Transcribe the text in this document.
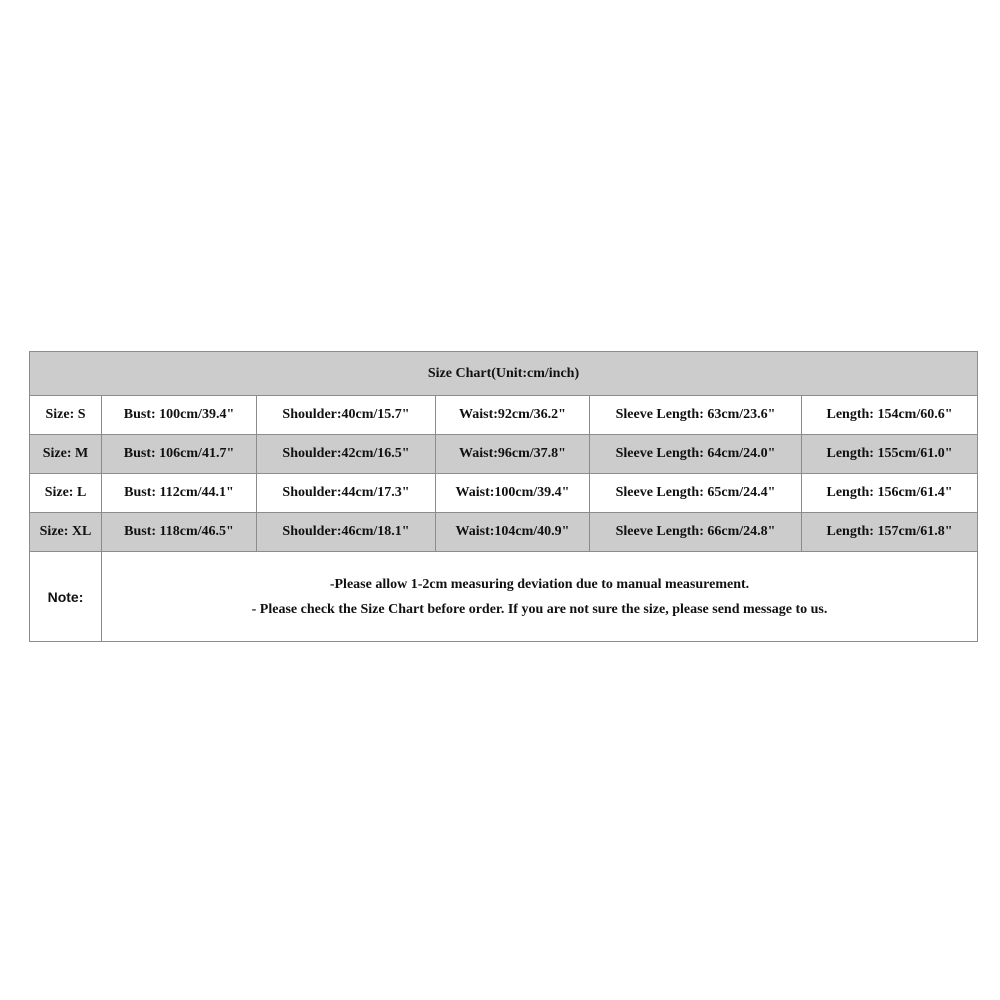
Size Chart(Unit:cm/inch)					
Size: S	Bust: 100cm/39.4"	Shoulder:40cm/15.7"	Waist:92cm/36.2"	Sleeve Length: 63cm/23.6"	Length: 154cm/60.6"
Size: M	Bust: 106cm/41.7"	Shoulder:42cm/16.5"	Waist:96cm/37.8"	Sleeve Length: 64cm/24.0"	Length: 155cm/61.0"
Size: L	Bust: 112cm/44.1"	Shoulder:44cm/17.3"	Waist:100cm/39.4"	Sleeve Length: 65cm/24.4"	Length: 156cm/61.4"
Size: XL	Bust: 118cm/46.5"	Shoulder:46cm/18.1"	Waist:104cm/40.9"	Sleeve Length: 66cm/24.8"	Length: 157cm/61.8"
Note:	-Please allow 1-2cm measuring deviation due to manual measurement.
- Please check the Size Chart before order. If you are not sure the size, please send message to us.				
